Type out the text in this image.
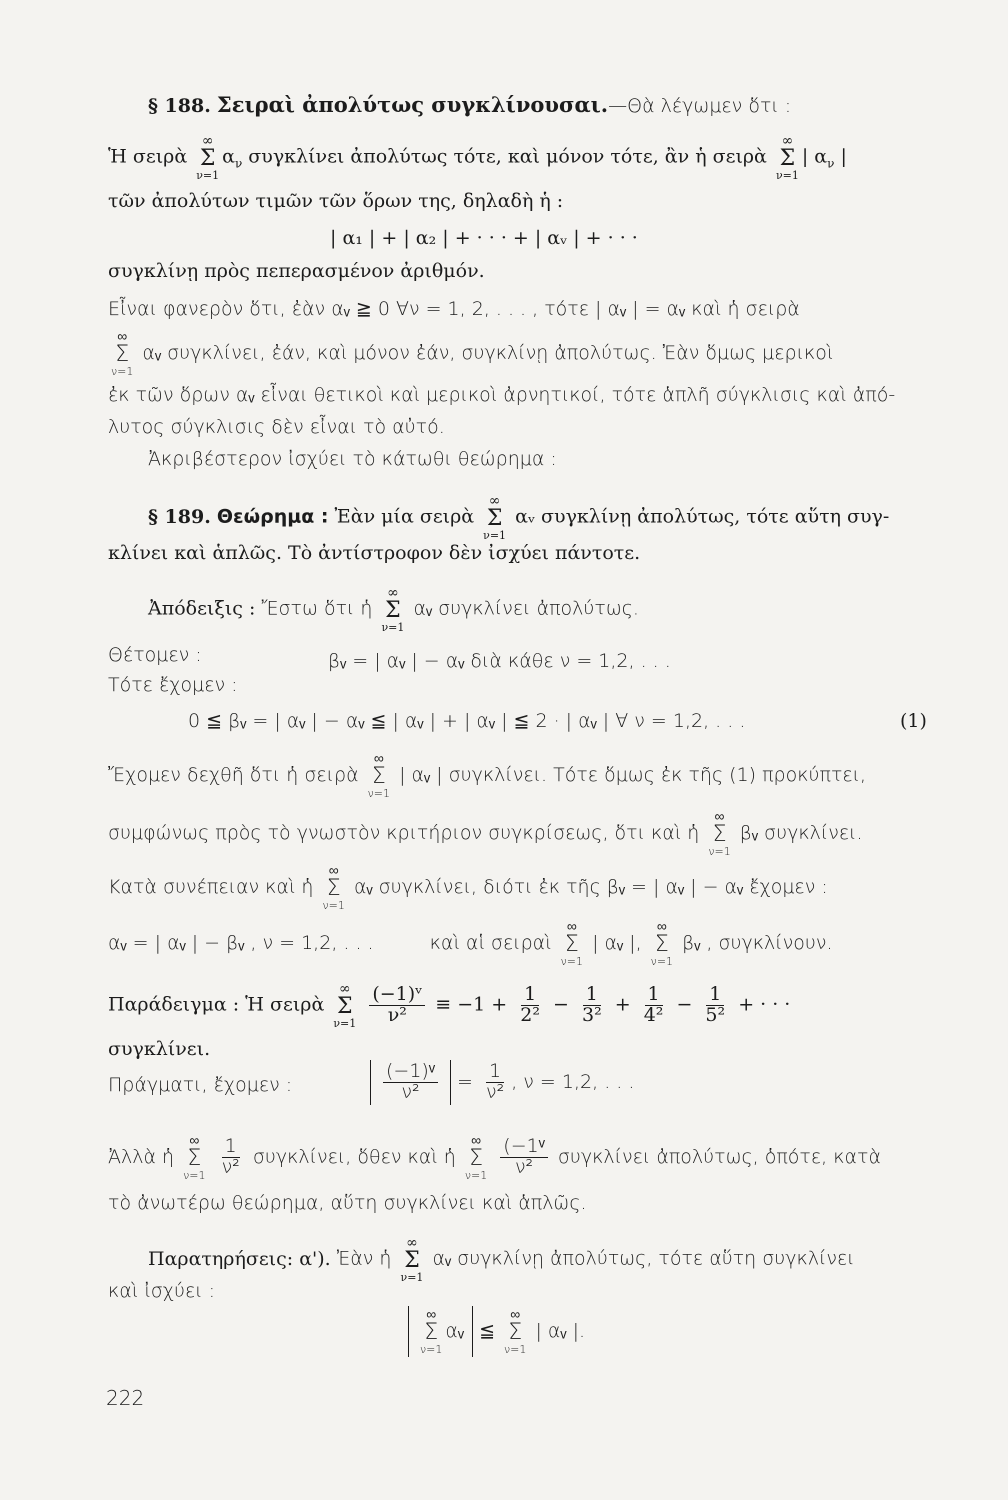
§ 188. Σειραὶ ἀπολύτως συγκλίνουσαι.—Θὰ λέγωμεν ὅτι :
Ἡ σειρὰ
∞
Σ
ν=1
$\alpha_\nu$ συγκλίνει ἀπολύτως τότε, καὶ μόνον τότε, ἂν ἡ σειρὰ
∞
Σ
ν=1
| $\alpha_\nu$ |
τῶν ἀπολύτων τιμῶν τῶν ὅρων της, δηλαδὴ ἡ :
| α₁ | + | α₂ | + · · · + | αᵥ | + · · ·
συγκλίνῃ πρὸς πεπερασμένον ἀριθμόν.
Εἶναι φανερὸν ὅτι, ἐὰν αᵥ ≧ 0 ∀ν = 1, 2, . . . , τότε | αᵥ | = αᵥ καὶ ἡ σειρὰ
∞
Σ
ν=1
αᵥ συγκλίνει, ἐάν, καὶ μόνον ἐάν, συγκλίνῃ ἀπολύτως. Ἐὰν ὅμως μερικοὶ
ἐκ τῶν ὅρων αᵥ εἶναι θετικοὶ καὶ μερικοὶ ἀρνητικοί, τότε ἁπλῆ σύγκλισις καὶ ἀπό-
λυτος σύγκλισις δὲν εἶναι τὸ αὐτό.
Ἀκριβέστερον ἰσχύει τὸ κάτωθι θεώρημα :
§ 189. Θεώρημα : Ἐὰν μία σειρὰ
∞
Σ
ν=1
αᵥ συγκλίνῃ ἀπολύτως, τότε αὕτη συγ-
κλίνει καὶ ἁπλῶς. Τὸ ἀντίστροφον δὲν ἰσχύει πάντοτε.
Ἀπόδειξις : Ἔστω ὅτι ἡ
∞
Σ
ν=1
αᵥ συγκλίνει ἀπολύτως.
Θέτομεν :	βᵥ = | αᵥ | − αᵥ διὰ κάθε ν = 1,2, . . .
Τότε ἔχομεν :
0 ≦ βᵥ = | αᵥ | − αᵥ ≦ | αᵥ | + | αᵥ | ≦ 2 · | αᵥ | ∀ ν = 1,2, . . .	(1)
Ἔχομεν δεχθῆ ὅτι ἡ σειρὰ
∞
Σ
ν=1
| αᵥ | συγκλίνει. Τότε ὅμως ἐκ τῆς (1) προκύπτει,
συμφώνως πρὸς τὸ γνωστὸν κριτήριον συγκρίσεως, ὅτι καὶ ἡ
∞
Σ
ν=1
βᵥ συγκλίνει.
Κατὰ συνέπειαν καὶ ἡ
∞
Σ
ν=1
αᵥ συγκλίνει, διότι ἐκ τῆς βᵥ = | αᵥ | − αᵥ ἔχομεν :
αᵥ = | αᵥ | − βᵥ , ν = 1,2, . . .	καὶ αἱ σειραὶ
∞
Σ
ν=1
| αᵥ |,
∞
Σ
ν=1
βᵥ , συγκλίνουν.
Παράδειγμα : Ἡ σειρὰ
∞
Σ
ν=1
$\frac{\text{(−1)ᵛ}}{\text{ν²}} \equiv -1 + \frac{1}{\text{2²}} - \frac{1}{\text{3²}} + \frac{1}{\text{4²}} - \frac{1}{\text{5²}}$ + · · ·
συγκλίνει.
Πράγματι, ἔχομεν :	$\frac{\text{(−1)ᵛ}}{\text{ν²}} = \frac{1}{\text{ν²}}$ , ν = 1,2, . . .
Ἀλλὰ ἡ
∞
Σ
ν=1
$\frac{1}{\text{ν²}} \sigma\upsilon\gamma\kappa\lambda ί\nu\varepsilon\iota$, ὅθεν καὶ ἡ
∞
Σ
ν=1
$\frac{\text{(−1ᵛ}}{\text{ν²}}$ συγκλίνει ἀπολύτως, ὁπότε, κατὰ
τὸ ἀνωτέρω θεώρημα, αὕτη συγκλίνει καὶ ἁπλῶς.
Παρατηρήσεις: α'). Ἐὰν ἡ
∞
Σ
ν=1
αᵥ συγκλίνῃ ἀπολύτως, τότε αὕτη συγκλίνει
καὶ ἰσχύει :
∞
Σ
ν=1
αᵥ ≦
∞
Σ
ν=1
| αᵥ |.
222
